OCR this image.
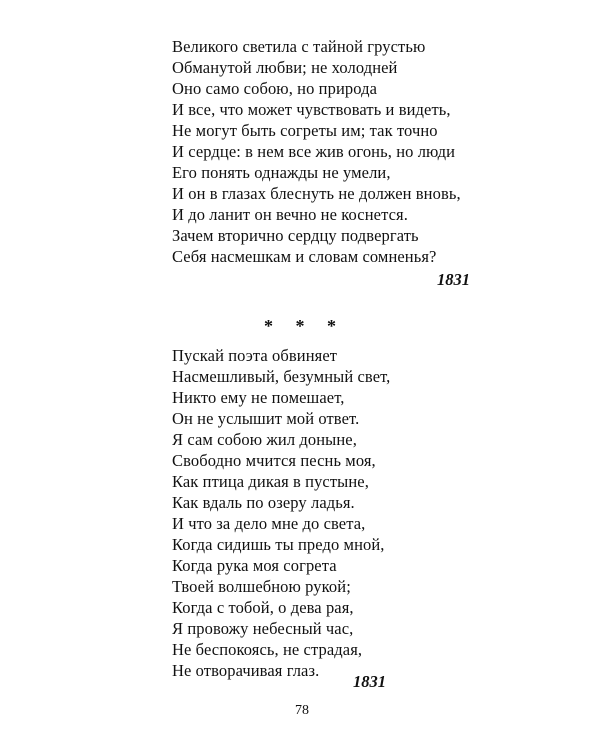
Великого светила с тайной грустью
Обманутой любви; не холодней
Оно само собою, но природа
И все, что может чувствовать и видеть,
Не могут быть согреты им; так точно
И сердце: в нем все жив огонь, но люди
Его понять однажды не умели,
И он в глазах блеснуть не должен вновь,
И до ланит он вечно не коснется.
Зачем вторично сердцу подвергать
Себя насмешкам и словам сомненья?
1831
* * *
Пускай поэта обвиняет
Насмешливый, безумный свет,
Никто ему не помешает,
Он не услышит мой ответ.
Я сам собою жил доныне,
Свободно мчится песнь моя,
Как птица дикая в пустыне,
Как вдаль по озеру ладья.
И что за дело мне до света,
Когда сидишь ты предо мной,
Когда рука моя согрета
Твоей волшебною рукой;
Когда с тобой, о дева рая,
Я провожу небесный час,
Не беспокоясь, не страдая,
Не отворачивая глаз.
1831
78
